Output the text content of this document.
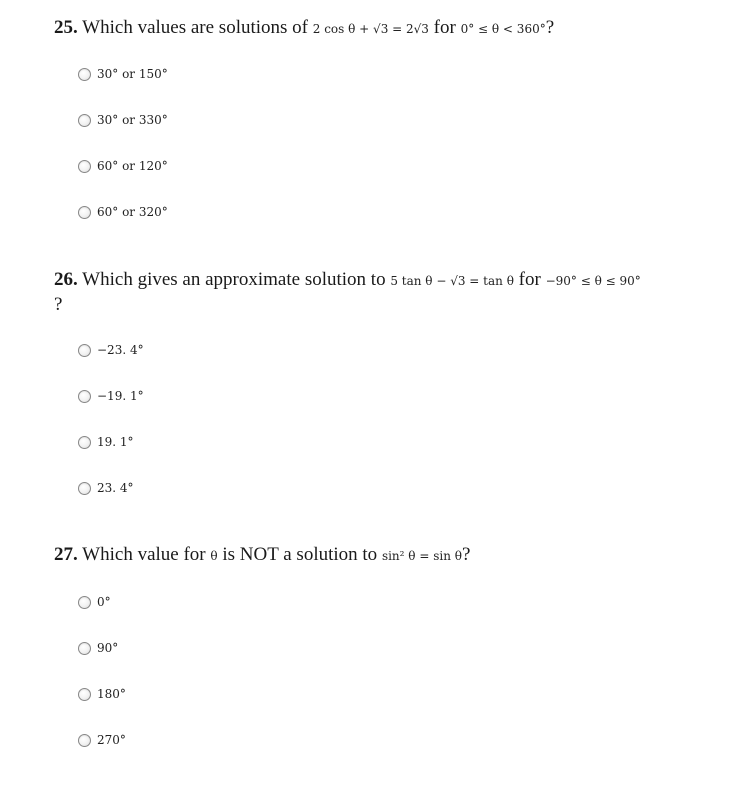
25. Which values are solutions of 2 cos θ + √3 = 2√3 for 0° ≤ θ < 360°?
30° or 150°
30° or 330°
60° or 120°
60° or 320°
26. Which gives an approximate solution to 5 tan θ − √3 = tan θ for −90° ≤ θ ≤ 90°
?
−23. 4°
−19. 1°
19. 1°
23. 4°
27. Which value for θ is NOT a solution to sin² θ = sin θ?
0°
90°
180°
270°
